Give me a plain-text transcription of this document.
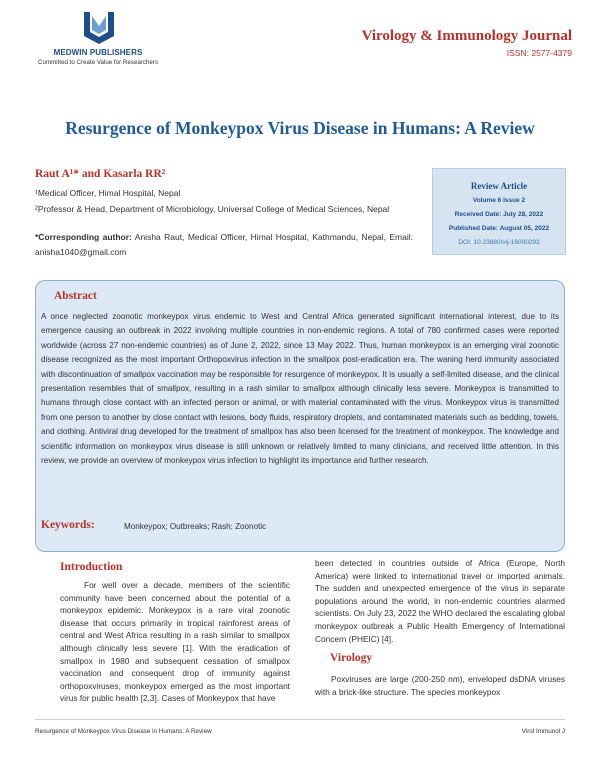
MEDWIN PUBLISHERS
Committed to Create Value for Researchers
Virology & Immunology Journal
ISSN: 2577-4379
Resurgence of Monkeypox Virus Disease in Humans: A Review
Raut A¹* and Kasarla RR²
¹Medical Officer, Himal Hospital, Nepal
²Professor & Head, Department of Microbiology, Universal College of Medical Sciences, Nepal
*Corresponding author: Anisha Raut, Medical Officer, Himal Hospital, Kathmandu, Nepal, Email: anisha1040@gmail.com
Review Article
Volume 6 Issue 2
Received Date: July 28, 2022
Published Date: August 05, 2022
DOI: 10.23880/vij-16000293
Abstract
A once neglected zoonotic monkeypox virus endemic to West and Central Africa generated significant international interest, due to its emergence causing an outbreak in 2022 involving multiple countries in non-endemic regions. A total of 780 confirmed cases were reported worldwide (across 27 non-endemic countries) as of June 2, 2022, since 13 May 2022. Thus, human monkeypox is an emerging viral zoonotic disease recognized as the most important Orthopoxvirus infection in the smallpox post-eradication era. The waning herd immunity associated with discontinuation of smallpox vaccination may be responsible for resurgence of monkeypox. It is usually a self-limited disease, and the clinical presentation resembles that of smallpox, resulting in a rash similar to smallpox although clinically less severe. Monkeypox is transmitted to humans through close contact with an infected person or animal, or with material contaminated with the virus. Monkeypox virus is transmitted from one person to another by close contact with lesions, body fluids, respiratory droplets, and contaminated materials such as bedding, towels, and clothing. Antiviral drug developed for the treatment of smallpox has also been licensed for the treatment of monkeypox. The knowledge and scientific information on monkeypox virus disease is still unknown or relatively limited to many clinicians, and received little attention. In this review, we provide an overview of monkeypox virus infection to highlight its importance and further research.
Keywords:	Monkeypox; Outbreaks; Rash; Zoonotic
Introduction
For well over a decade, members of the scientific community have been concerned about the potential of a monkeypox epidemic. Monkeypox is a rare viral zoonotic disease that occurs primarily in tropical rainforest areas of central and West Africa resulting in a rash similar to smallpox although clinically less severe [1]. With the eradication of smallpox in 1980 and subsequent cessation of smallpox vaccination and consequent drop of immunity against orthopoxviruses, monkeypox emerged as the most important virus for public health [2,3]. Cases of Monkeypox that have
been detected in countries outside of Africa (Europe, North America) were linked to international travel or imported animals. The sudden and unexpected emergence of the virus in separate populations around the world, in non-endemic countries alarmed scientists. On July 23, 2022 the WHO declared the escalating global monkeypox outbreak a Public Health Emergency of International Concern (PHEIC) [4].
Virology
Poxviruses are large (200-250 nm), enveloped dsDNA viruses with a brick-like structure. The species monkeypox
Resurgence of Monkeypox Virus Disease in Humans: A Review	Virol Immunol J
